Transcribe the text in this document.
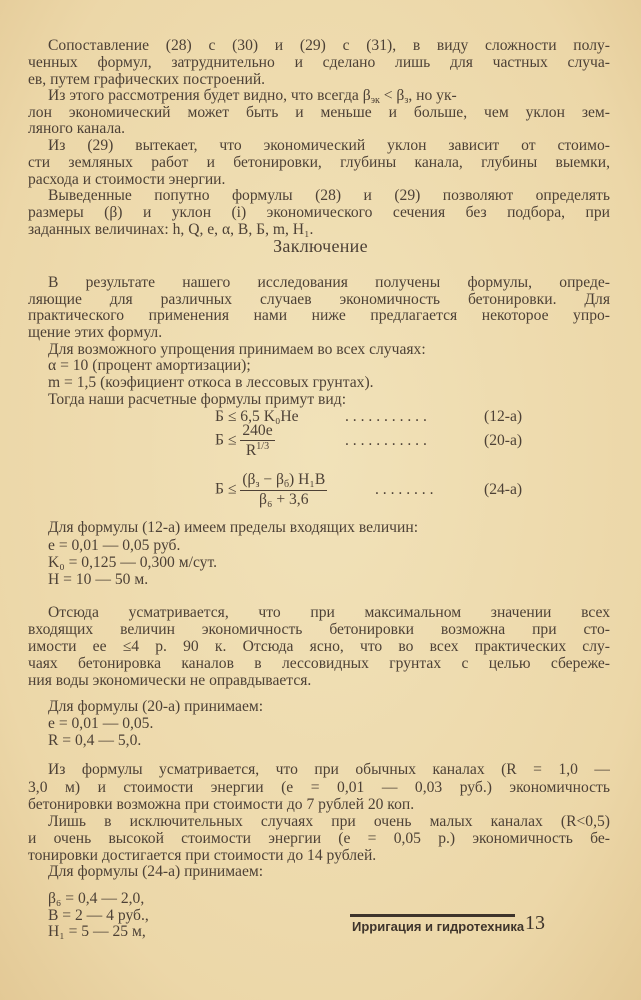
Сопоставление (28) с (30) и (29) с (31), в виду сложности полу-
ченных формул, затруднительно и сделано лишь для частных случа-
ев, путем графических построений.
Из этого рассмотрения будет видно, что всегда $\beta_{эк} < \beta_з$, но ук-
лон экономический может быть и меньше и больше, чем уклон зем-
ляного канала.
Из (29) вытекает, что экономический уклон зависит от стоимо-
сти земляных работ и бетонировки, глубины канала, глубины выемки,
расхода и стоимости энергии.
Выведенные попутно формулы (28) и (29) позволяют определять
размеры (β) и уклон (i) экономического сечения без подбора, при
заданных величинах: h, Q, e, α, B, Б, m, H₁.
Заключение
В результате нашего исследования получены формулы, опреде-
ляющие для различных случаев экономичность бетонировки. Для
практического применения нами ниже предлагается некоторое упро-
щение этих формул.
Для возможного упрощения принимаем во всех случаях:
α = 10 (процент амортизации);
m = 1,5 (коэфициент откоса в лессовых грунтах).
Тогда наши расчетные формулы примут вид:
Б ≤ 6,5 K₀He	. . . . . . . . . . .	(12-а)
$Б \le \frac{240e}{R^{1/3}}$	. . . . . . . . . . .	(20-а)
$Б \le \frac{(\beta_з - \beta_б) H_1B}{\text{β₆ + 3,6}}$	. . . . . . . .	(24-а)
Для формулы (12-а) имеем пределы входящих величин:
e = 0,01 — 0,05 руб.
K₀ = 0,125 — 0,300 м/сут.
H = 10 — 50 м.
Отсюда усматривается, что при максимальном значении всех
входящих величин экономичность бетонировки возможна при сто-
имости ее ≤4 р. 90 к. Отсюда ясно, что во всех практических слу-
чаях бетонировка каналов в лессовидных грунтах с целью сбереже-
ния воды экономически не оправдывается.
Для формулы (20-а) принимаем:
e = 0,01 — 0,05.
R = 0,4 — 5,0.
Из формулы усматривается, что при обычных каналах (R = 1,0 —
3,0 м) и стоимости энергии (e = 0,01 — 0,03 руб.) экономичность
бетонировки возможна при стоимости до 7 рублей 20 коп.
Лишь в исключительных случаях при очень малых каналах (R<0,5)
и очень высокой стоимости энергии (e = 0,05 р.) экономичность бе-
тонировки достигается при стоимости до 14 рублей.
Для формулы (24-а) принимаем:
β₆ = 0,4 — 2,0,
B = 2 — 4 руб.,
H₁ = 5 — 25 м,	Ирригация и гидротехника 13
